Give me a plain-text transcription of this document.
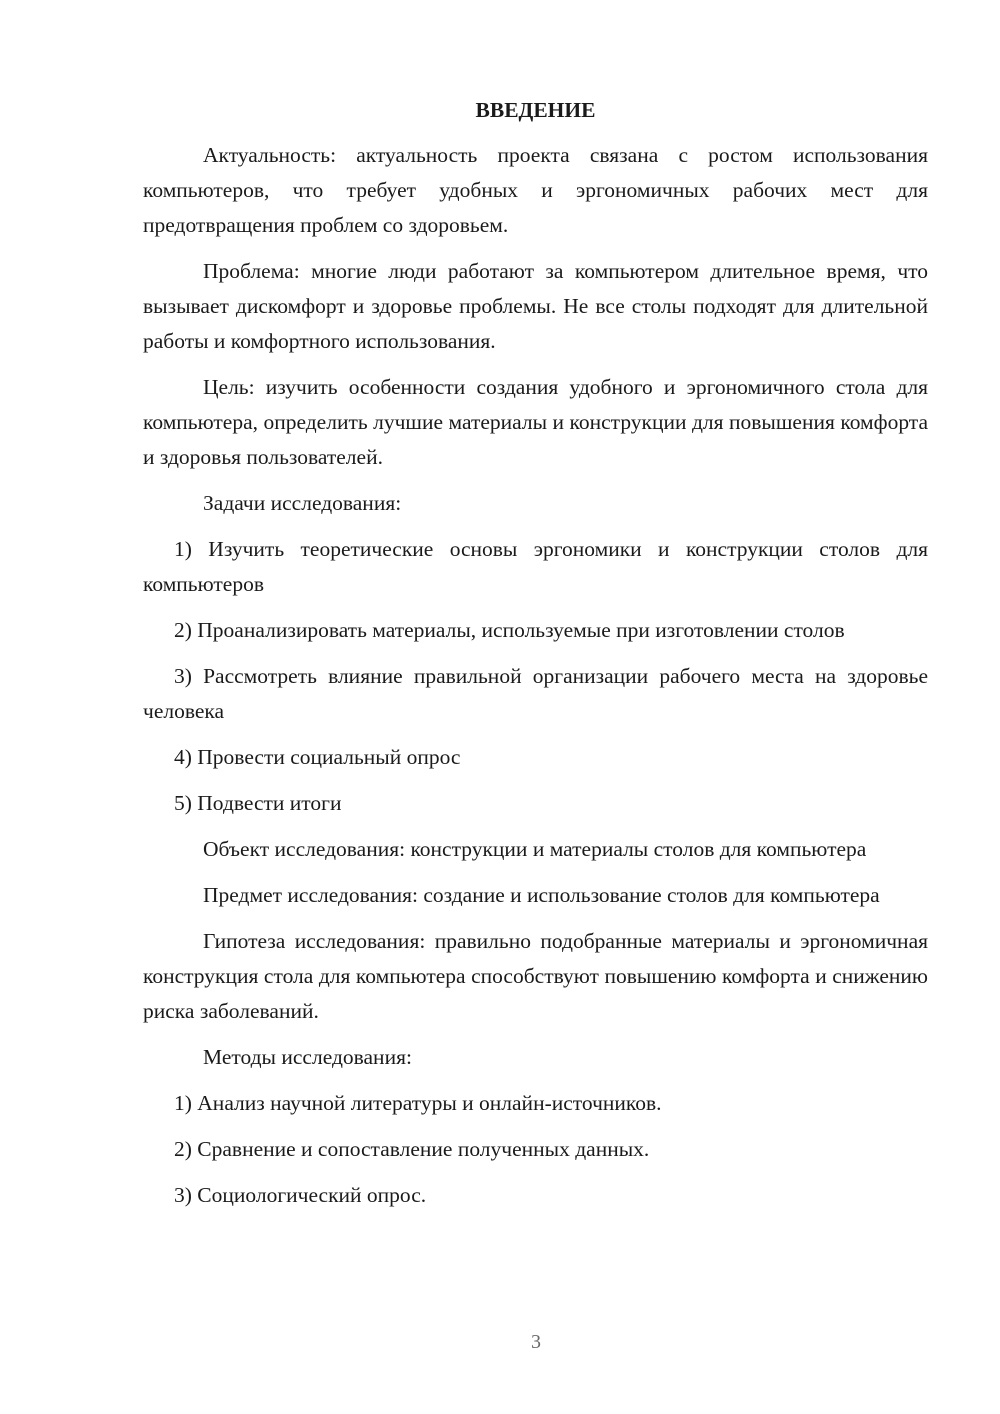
ВВЕДЕНИЕ

Актуальность: актуальность проекта связана с ростом использования компьютеров, что требует удобных и эргономичных рабочих мест для предотвращения проблем со здоровьем.

Проблема: многие люди работают за компьютером длительное время, что вызывает дискомфорт и здоровье проблемы. Не все столы подходят для длительной работы и комфортного использования.

Цель: изучить особенности создания удобного и эргономичного стола для компьютера, определить лучшие материалы и конструкции для повышения комфорта и здоровья пользователей.

Задачи исследования:

1) Изучить теоретические основы эргономики и конструкции столов для компьютеров

2) Проанализировать материалы, используемые при изготовлении столов

3) Рассмотреть влияние правильной организации рабочего места на здоровье человека

4) Провести социальный опрос

5) Подвести итоги

Объект исследования: конструкции и материалы столов для компьютера

Предмет исследования: создание и использование столов для компьютера

Гипотеза исследования: правильно подобранные материалы и эргономичная конструкция стола для компьютера способствуют повышению комфорта и снижению риска заболеваний.

Методы исследования:

1) Анализ научной литературы и онлайн-источников.

2) Сравнение и сопоставление полученных данных.

3) Социологический опрос.

3
